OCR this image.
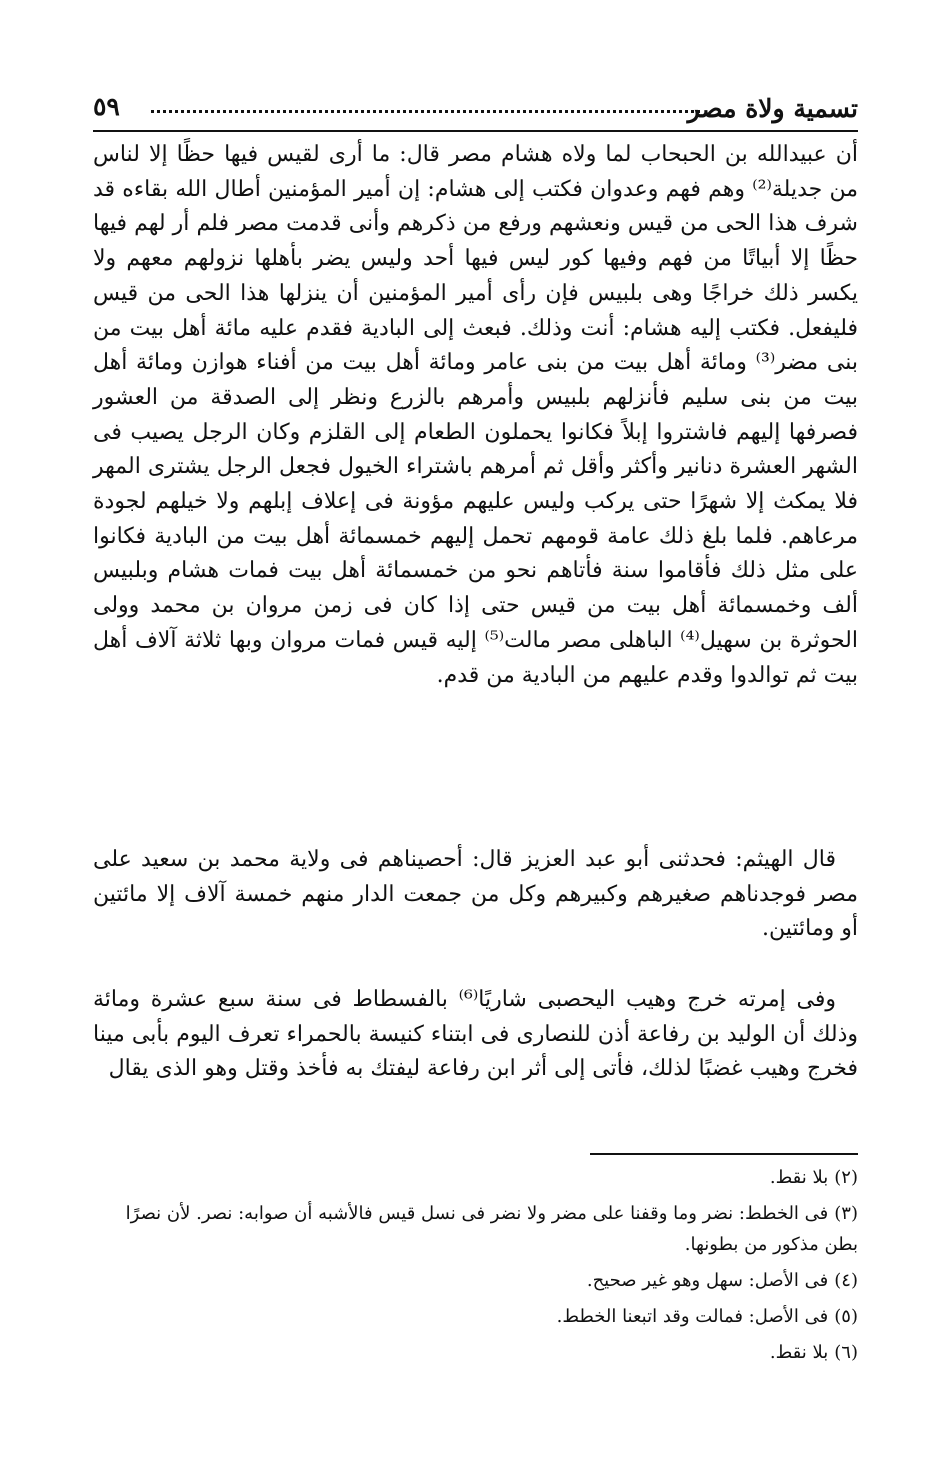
تسمية ولاة مصر
٥٩

أن عبيدالله بن الحبحاب لما ولاه هشام مصر قال: ما أرى لقيس فيها حظًا إلا لناس من جديلة⁽²⁾ وهم فهم وعدوان فكتب إلى هشام: إن أمير المؤمنين أطال الله بقاءه قد شرف هذا الحى من قيس ونعشهم ورفع من ذكرهم وأنى قدمت مصر فلم أر لهم فيها حظًا إلا أبياتًا من فهم وفيها كور ليس فيها أحد وليس يضر بأهلها نزولهم معهم ولا يكسر ذلك خراجًا وهى بلبيس فإن رأى أمير المؤمنين أن ينزلها هذا الحى من قيس فليفعل. فكتب إليه هشام: أنت وذلك. فبعث إلى البادية فقدم عليه مائة أهل بيت من بنى مضر⁽³⁾ ومائة أهل بيت من بنى عامر ومائة أهل بيت من أفناء هوازن ومائة أهل بيت من بنى سليم فأنزلهم بلبيس وأمرهم بالزرع ونظر إلى الصدقة من العشور فصرفها إليهم فاشتروا إبلاً فكانوا يحملون الطعام إلى القلزم وكان الرجل يصيب فى الشهر العشرة دنانير وأكثر وأقل ثم أمرهم باشتراء الخيول فجعل الرجل يشترى المهر فلا يمكث إلا شهرًا حتى يركب وليس عليهم مؤونة فى إعلاف إبلهم ولا خيلهم لجودة مرعاهم. فلما بلغ ذلك عامة قومهم تحمل إليهم خمسمائة أهل بيت من البادية فكانوا على مثل ذلك فأقاموا سنة فأتاهم نحو من خمسمائة أهل بيت فمات هشام وبلبيس ألف وخمسمائة أهل بيت من قيس حتى إذا كان فى زمن مروان بن محمد وولى الحوثرة بن سهيل⁽⁴⁾ الباهلى مصر مالت⁽⁵⁾ إليه قيس فمات مروان وبها ثلاثة آلاف أهل بيت ثم توالدوا وقدم عليهم من البادية من قدم.

قال الهيثم: فحدثنى أبو عبد العزيز قال: أحصيناهم فى ولاية محمد بن سعيد على مصر فوجدناهم صغيرهم وكبيرهم وكل من جمعت الدار منهم خمسة آلاف إلا مائتين أو ومائتين.

وفى إمرته خرج وهيب اليحصبى شاريًا⁽⁶⁾ بالفسطاط فى سنة سبع عشرة ومائة وذلك أن الوليد بن رفاعة أذن للنصارى فى ابتناء كنيسة بالحمراء تعرف اليوم بأبى مينا فخرج وهيب غضبًا لذلك، فأتى إلى أثر ابن رفاعة ليفتك به فأخذ وقتل وهو الذى يقال

(٢)بلا نقط.

(٣)فى الخطط: نضر وما وقفنا على مضر ولا نضر فى نسل قيس فالأشبه أن صوابه: نصر. لأن نصرًا بطن مذكور من بطونها.

(٤)فى الأصل: سهل وهو غير صحيح.

(٥)فى الأصل: فمالت وقد اتبعنا الخطط.

(٦)بلا نقط.
